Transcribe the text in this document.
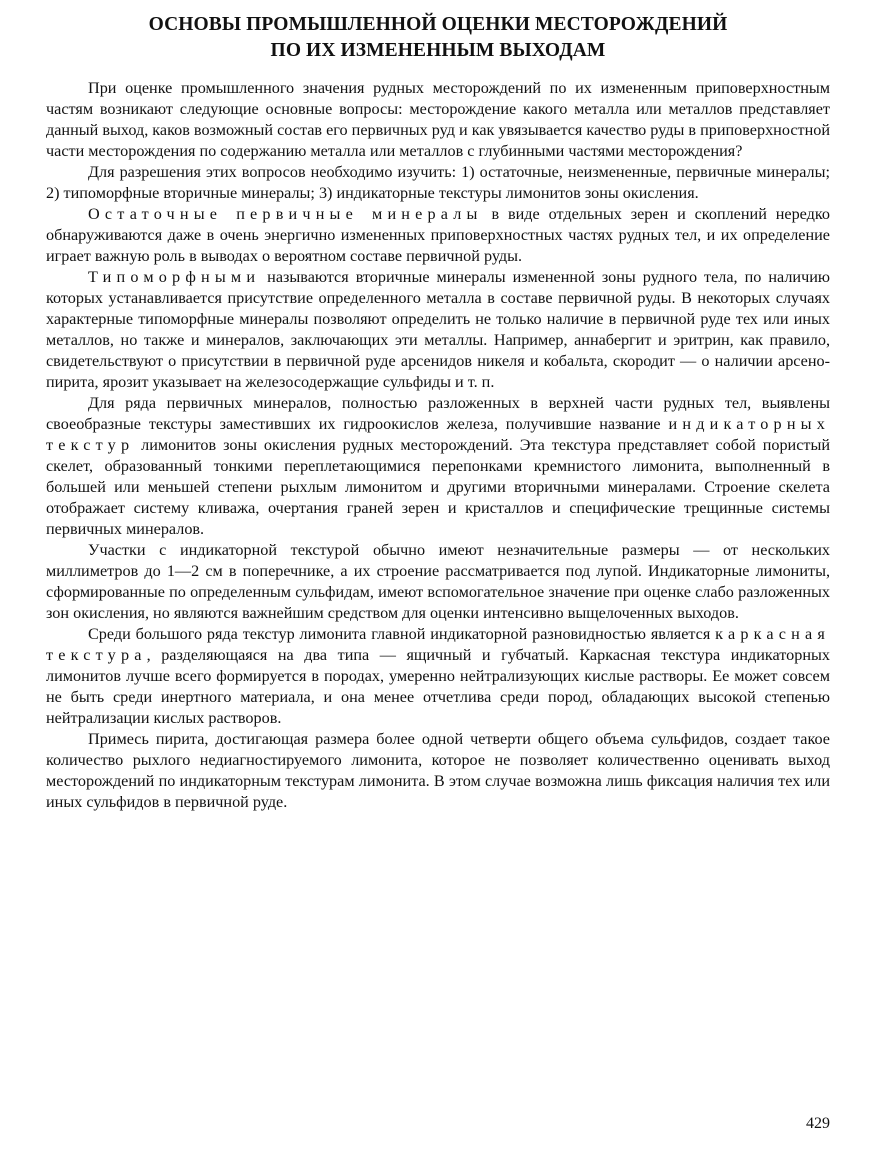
ОСНОВЫ ПРОМЫШЛЕННОЙ ОЦЕНКИ МЕСТОРОЖДЕНИЙ
ПО ИХ ИЗМЕНЕННЫМ ВЫХОДАМ

При оценке промышленного значения рудных месторождений по их измененным приповерхностным частям возникают следующие основные вопросы: месторождение какого металла или металлов представляет данный выход, каков возможный состав его первичных руд и как увязывается качество руды в приповерхностной части месторождения по содержанию металла или металлов с глубинными частями месторождения?

Для разрешения этих вопросов необходимо изучить: 1) остаточные, неизмененные, первичные минералы; 2) типоморфные вторичные минералы; 3) индикаторные текстуры лимонитов зоны окисления.

Остаточные первичные минералы в виде отдельных зерен и скоплений нередко обнаруживаются даже в очень энергично измененных приповерхностных частях рудных тел, и их определение играет важную роль в выводах о вероятном составе первичной руды.

Типоморфными называются вторичные минералы измененной зоны рудного тела, по наличию которых устанавливается присутствие определенного металла в составе первичной руды. В некоторых случаях характерные типоморфные минералы позволяют определить не только наличие в первичной руде тех или иных металлов, но также и минералов, заключающих эти металлы. Например, аннабергит и эритрин, как правило, свидетельствуют о присутствии в первичной руде арсенидов никеля и кобальта, скородит — о наличии арсенопирита, ярозит указывает на железосодержащие сульфиды и т. п.

Для ряда первичных минералов, полностью разложенных в верхней части рудных тел, выявлены своеобразные текстуры заместивших их гидроокислов железа, получившие название индикаторных текстур лимонитов зоны окисления рудных месторождений. Эта текстура представляет собой пористый скелет, образованный тонкими переплетающимися перепонками кремнистого лимонита, выполненный в большей или меньшей степени рыхлым лимонитом и другими вторичными минералами. Строение скелета отображает систему кливажа, очертания граней зерен и кристаллов и специфические трещинные системы первичных минералов.

Участки с индикаторной текстурой обычно имеют незначительные размеры — от нескольких миллиметров до 1—2 см в поперечнике, а их строение рассматривается под лупой. Индикаторные лимониты, сформированные по определенным сульфидам, имеют вспомогательное значение при оценке слабо разложенных зон окисления, но являются важнейшим средством для оценки интенсивно выщелоченных выходов.

Среди большого ряда текстур лимонита главной индикаторной разновидностью является каркасная текстура, разделяющаяся на два типа — ящичный и губчатый. Каркасная текстура индикаторных лимонитов лучше всего формируется в породах, умеренно нейтрализующих кислые растворы. Ее может совсем не быть среди инертного материала, и она менее отчетлива среди пород, обладающих высокой степенью нейтрализации кислых растворов.

Примесь пирита, достигающая размера более одной четверти общего объема сульфидов, создает такое количество рыхлого недиагностируемого лимонита, которое не позволяет количественно оценивать выход месторождений по индикаторным текстурам лимонита. В этом случае возможна лишь фиксация наличия тех или иных сульфидов в первичной руде.

429
